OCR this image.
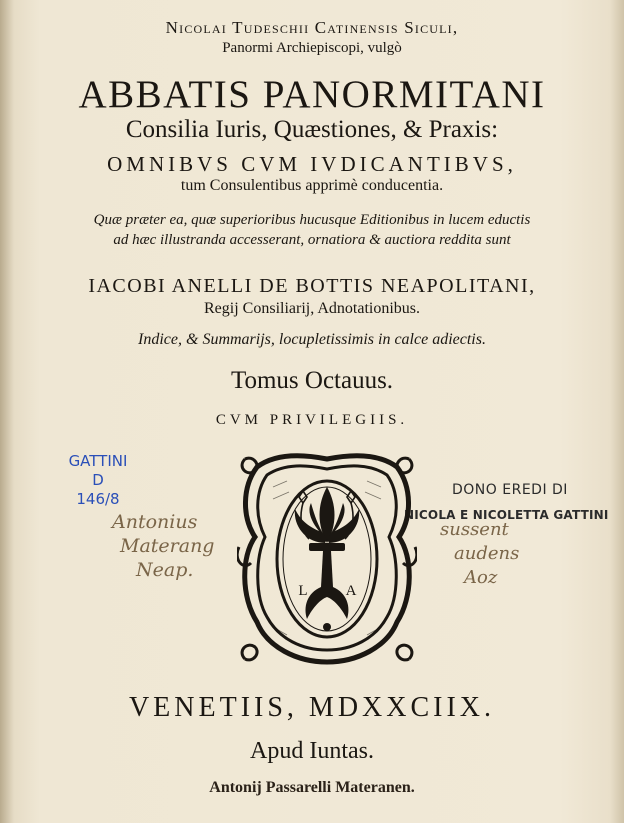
Nicolai Tudeschii Catinensis Siculi,
Panormi Archiepiscopi, vulgò
ABBATIS PANORMITANI
Consilia Iuris, Quæstiones, & Praxis:
OMNIBVS CVM IVDICANTIBVS,
tum Consulentibus apprimè conducentia.
Quæ præter ea, quæ superioribus hucusque Editionibus in lucem eductis
ad hæc illustranda accesserant, ornatiora & auctiora reddita sunt
IACOBI ANELLI DE BOTTIS NEAPOLITANI,
Regij Consiliarij, Adnotationibus.
Indice, & Summarijs, locupletissimis in calce adiectis.
Tomus Octauus.
CVM PRIVILEGIIS.
GATTINI
D
146/8
Antonius
Materang
Neap.
sussent
audens
Aoz
DONO EREDI DI
NICOLA E NICOLETTA GATTINI
L	A
VENETIIS, MDXXCIIX.
Apud Iuntas.
Antonij Passarelli Materanen.
